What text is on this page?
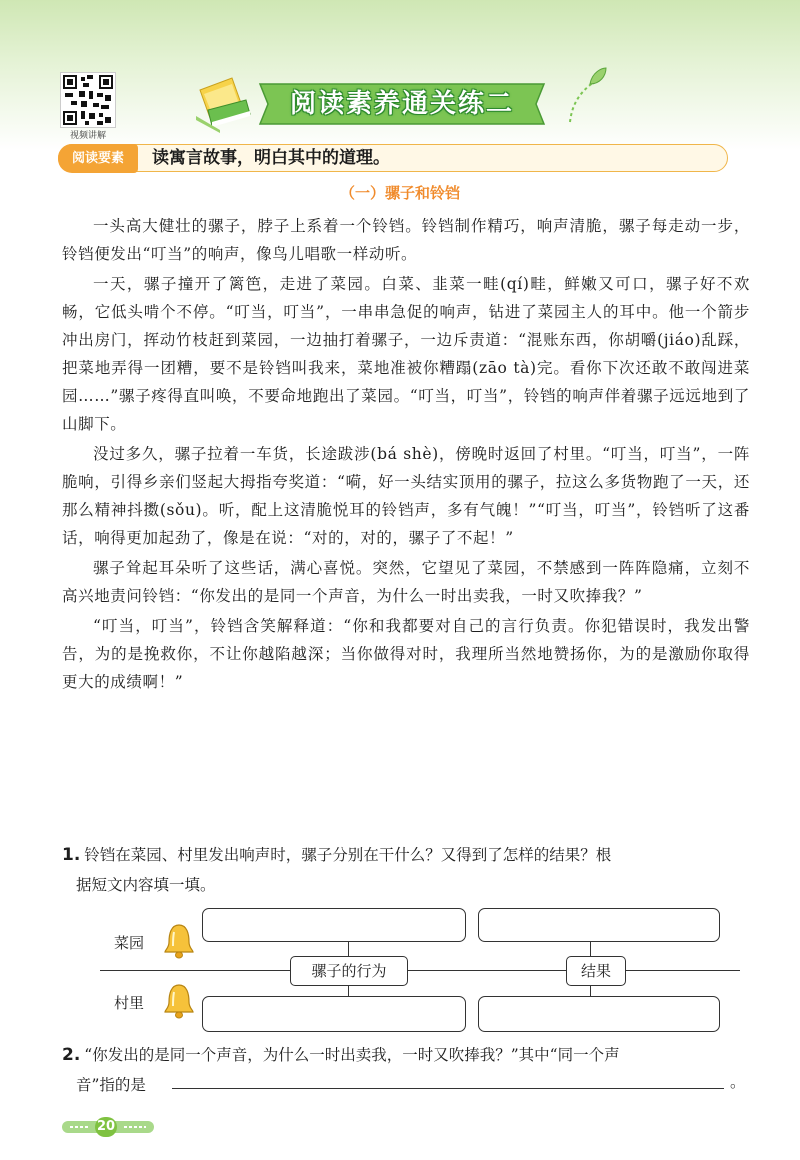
视频讲解
阅读素养通关练二
阅读要素	读寓言故事，明白其中的道理。
（一）骡子和铃铛

一头高大健壮的骡子，脖子上系着一个铃铛。铃铛制作精巧，响声清脆，骡子每走动一步，铃铛便发出“叮当”的响声，像鸟儿唱歌一样动听。

一天，骡子撞开了篱笆，走进了菜园。白菜、韭菜一畦(qí)畦，鲜嫩又可口，骡子好不欢畅，它低头啃个不停。“叮当，叮当”，一串串急促的响声，钻进了菜园主人的耳中。他一个箭步冲出房门，挥动竹枝赶到菜园，一边抽打着骡子，一边斥责道：“混账东西，你胡嚼(jiáo)乱踩，把菜地弄得一团糟，要不是铃铛叫我来，菜地准被你糟蹋(zāo tà)完。看你下次还敢不敢闯进菜园……”骡子疼得直叫唤，不要命地跑出了菜园。“叮当，叮当”，铃铛的响声伴着骡子远远地到了山脚下。

没过多久，骡子拉着一车货，长途跋涉(bá shè)，傍晚时返回了村里。“叮当，叮当”，一阵脆响，引得乡亲们竖起大拇指夸奖道：“嗬，好一头结实顶用的骡子，拉这么多货物跑了一天，还那么精神抖擞(sǒu)。听，配上这清脆悦耳的铃铛声，多有气魄！”“叮当，叮当”，铃铛听了这番话，响得更加起劲了，像是在说：“对的，对的，骡子了不起！”

骡子耸起耳朵听了这些话，满心喜悦。突然，它望见了菜园，不禁感到一阵阵隐痛，立刻不高兴地责问铃铛：“你发出的是同一个声音，为什么一时出卖我，一时又吹捧我？”

“叮当，叮当”，铃铛含笑解释道：“你和我都要对自己的言行负责。你犯错误时，我发出警告，为的是挽救你，不让你越陷越深；当你做得对时，我理所当然地赞扬你，为的是激励你取得更大的成绩啊！”

1. 铃铛在菜园、村里发出响声时，骡子分别在干什么？又得到了怎样的结果？根
据短文内容填一填。
菜园
骡子的行为	结果
村里
2. “你发出的是同一个声音，为什么一时出卖我，一时又吹捧我？”其中“同一个声
音”指的是	。
20
